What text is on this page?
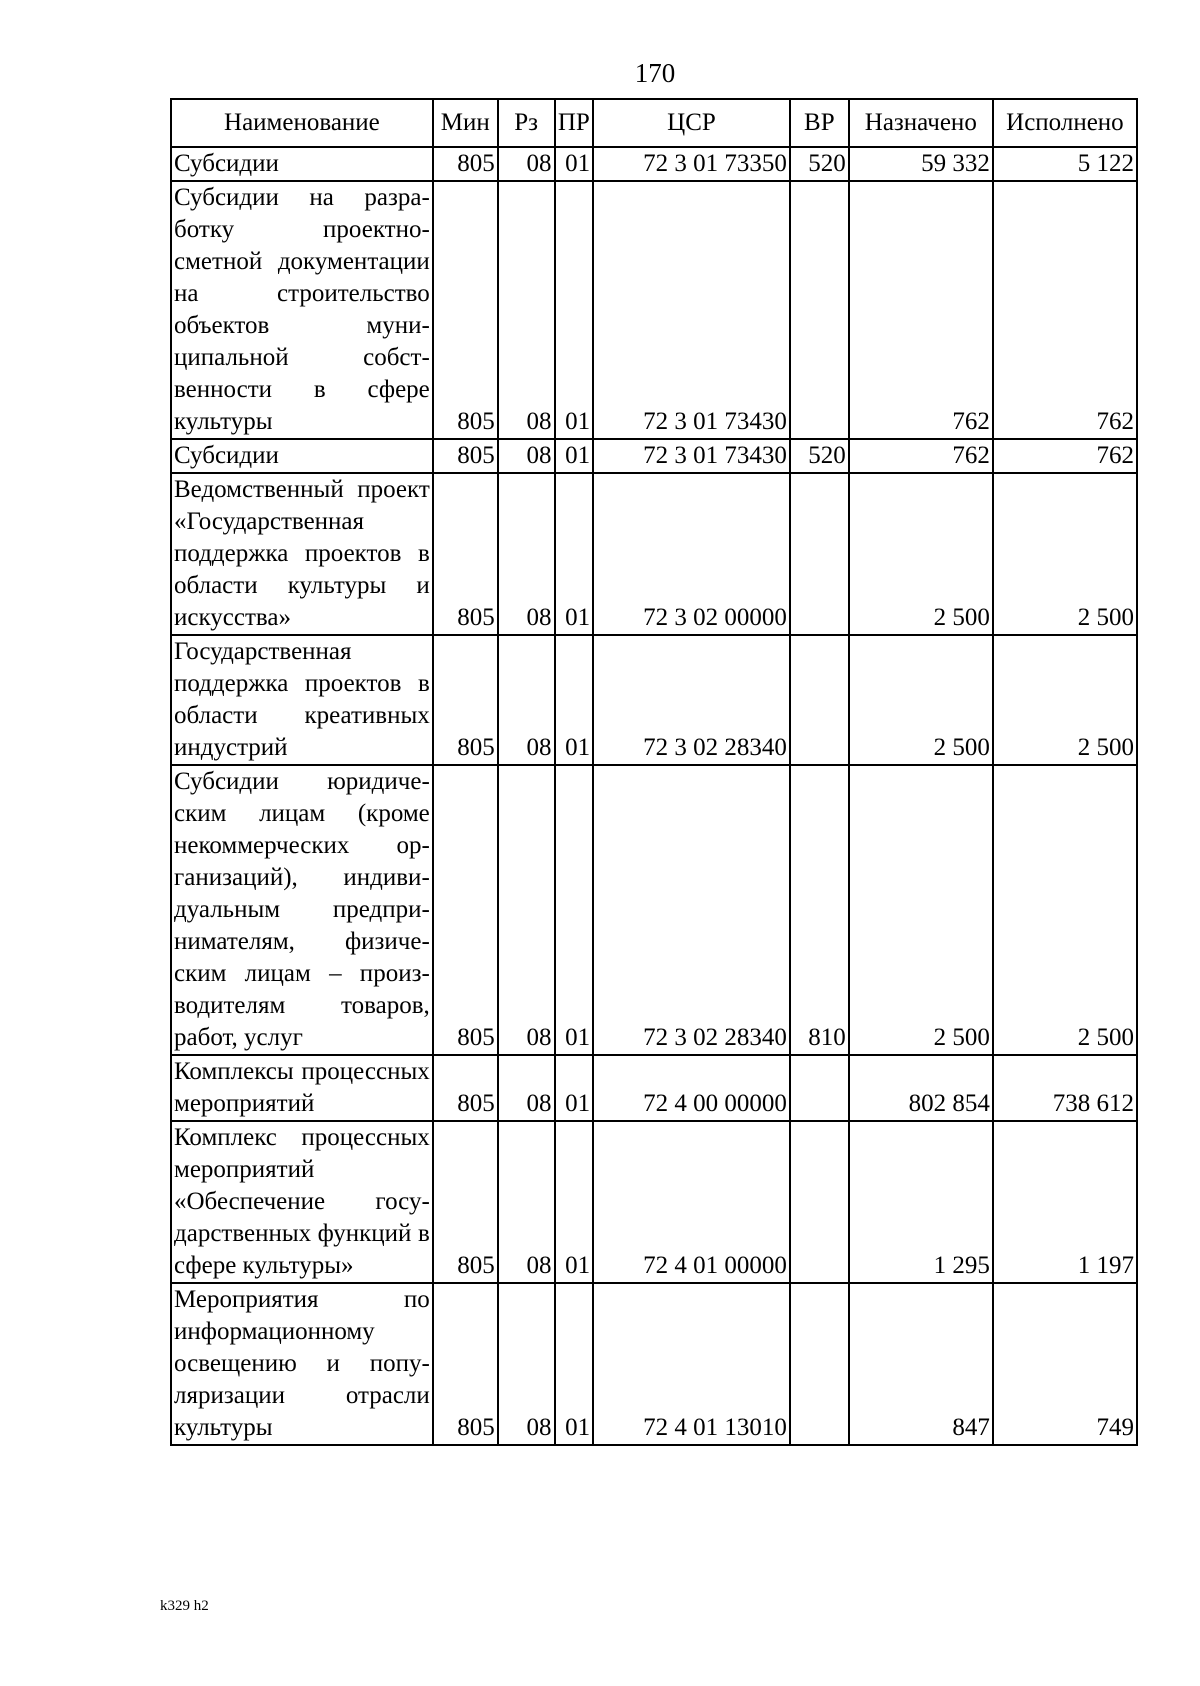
170
Наименование	Мин	Рз	ПР	ЦСР	ВР	Назначено	Исполнено
Субсидии	805	08	01	72 3 01 73350	520	59 332	5 122
Субсидии на разработку проектно-сметной документации на строительство объектов муниципальной собственности в сфере культуры	805	08	01	72 3 01 73430		762	762
Субсидии	805	08	01	72 3 01 73430	520	762	762
Ведомственный проект «Государственная поддержка проектов в области культуры и искусства»	805	08	01	72 3 02 00000		2 500	2 500
Государственная поддержка проектов в области креативных индустрий	805	08	01	72 3 02 28340		2 500	2 500
Субсидии юридическим лицам (кроме некоммерческих организаций), индивидуальным предпринимателям, физическим лицам – производителям товаров, работ, услуг	805	08	01	72 3 02 28340	810	2 500	2 500
Комплексы процессных мероприятий	805	08	01	72 4 00 00000		802 854	738 612
Комплекс процессных мероприятий «Обеспечение государственных функций в сфере культуры»	805	08	01	72 4 01 00000		1 295	1 197
Мероприятия по информационному освещению и популяризации отрасли культуры	805	08	01	72 4 01 13010		847	749
k329 h2
